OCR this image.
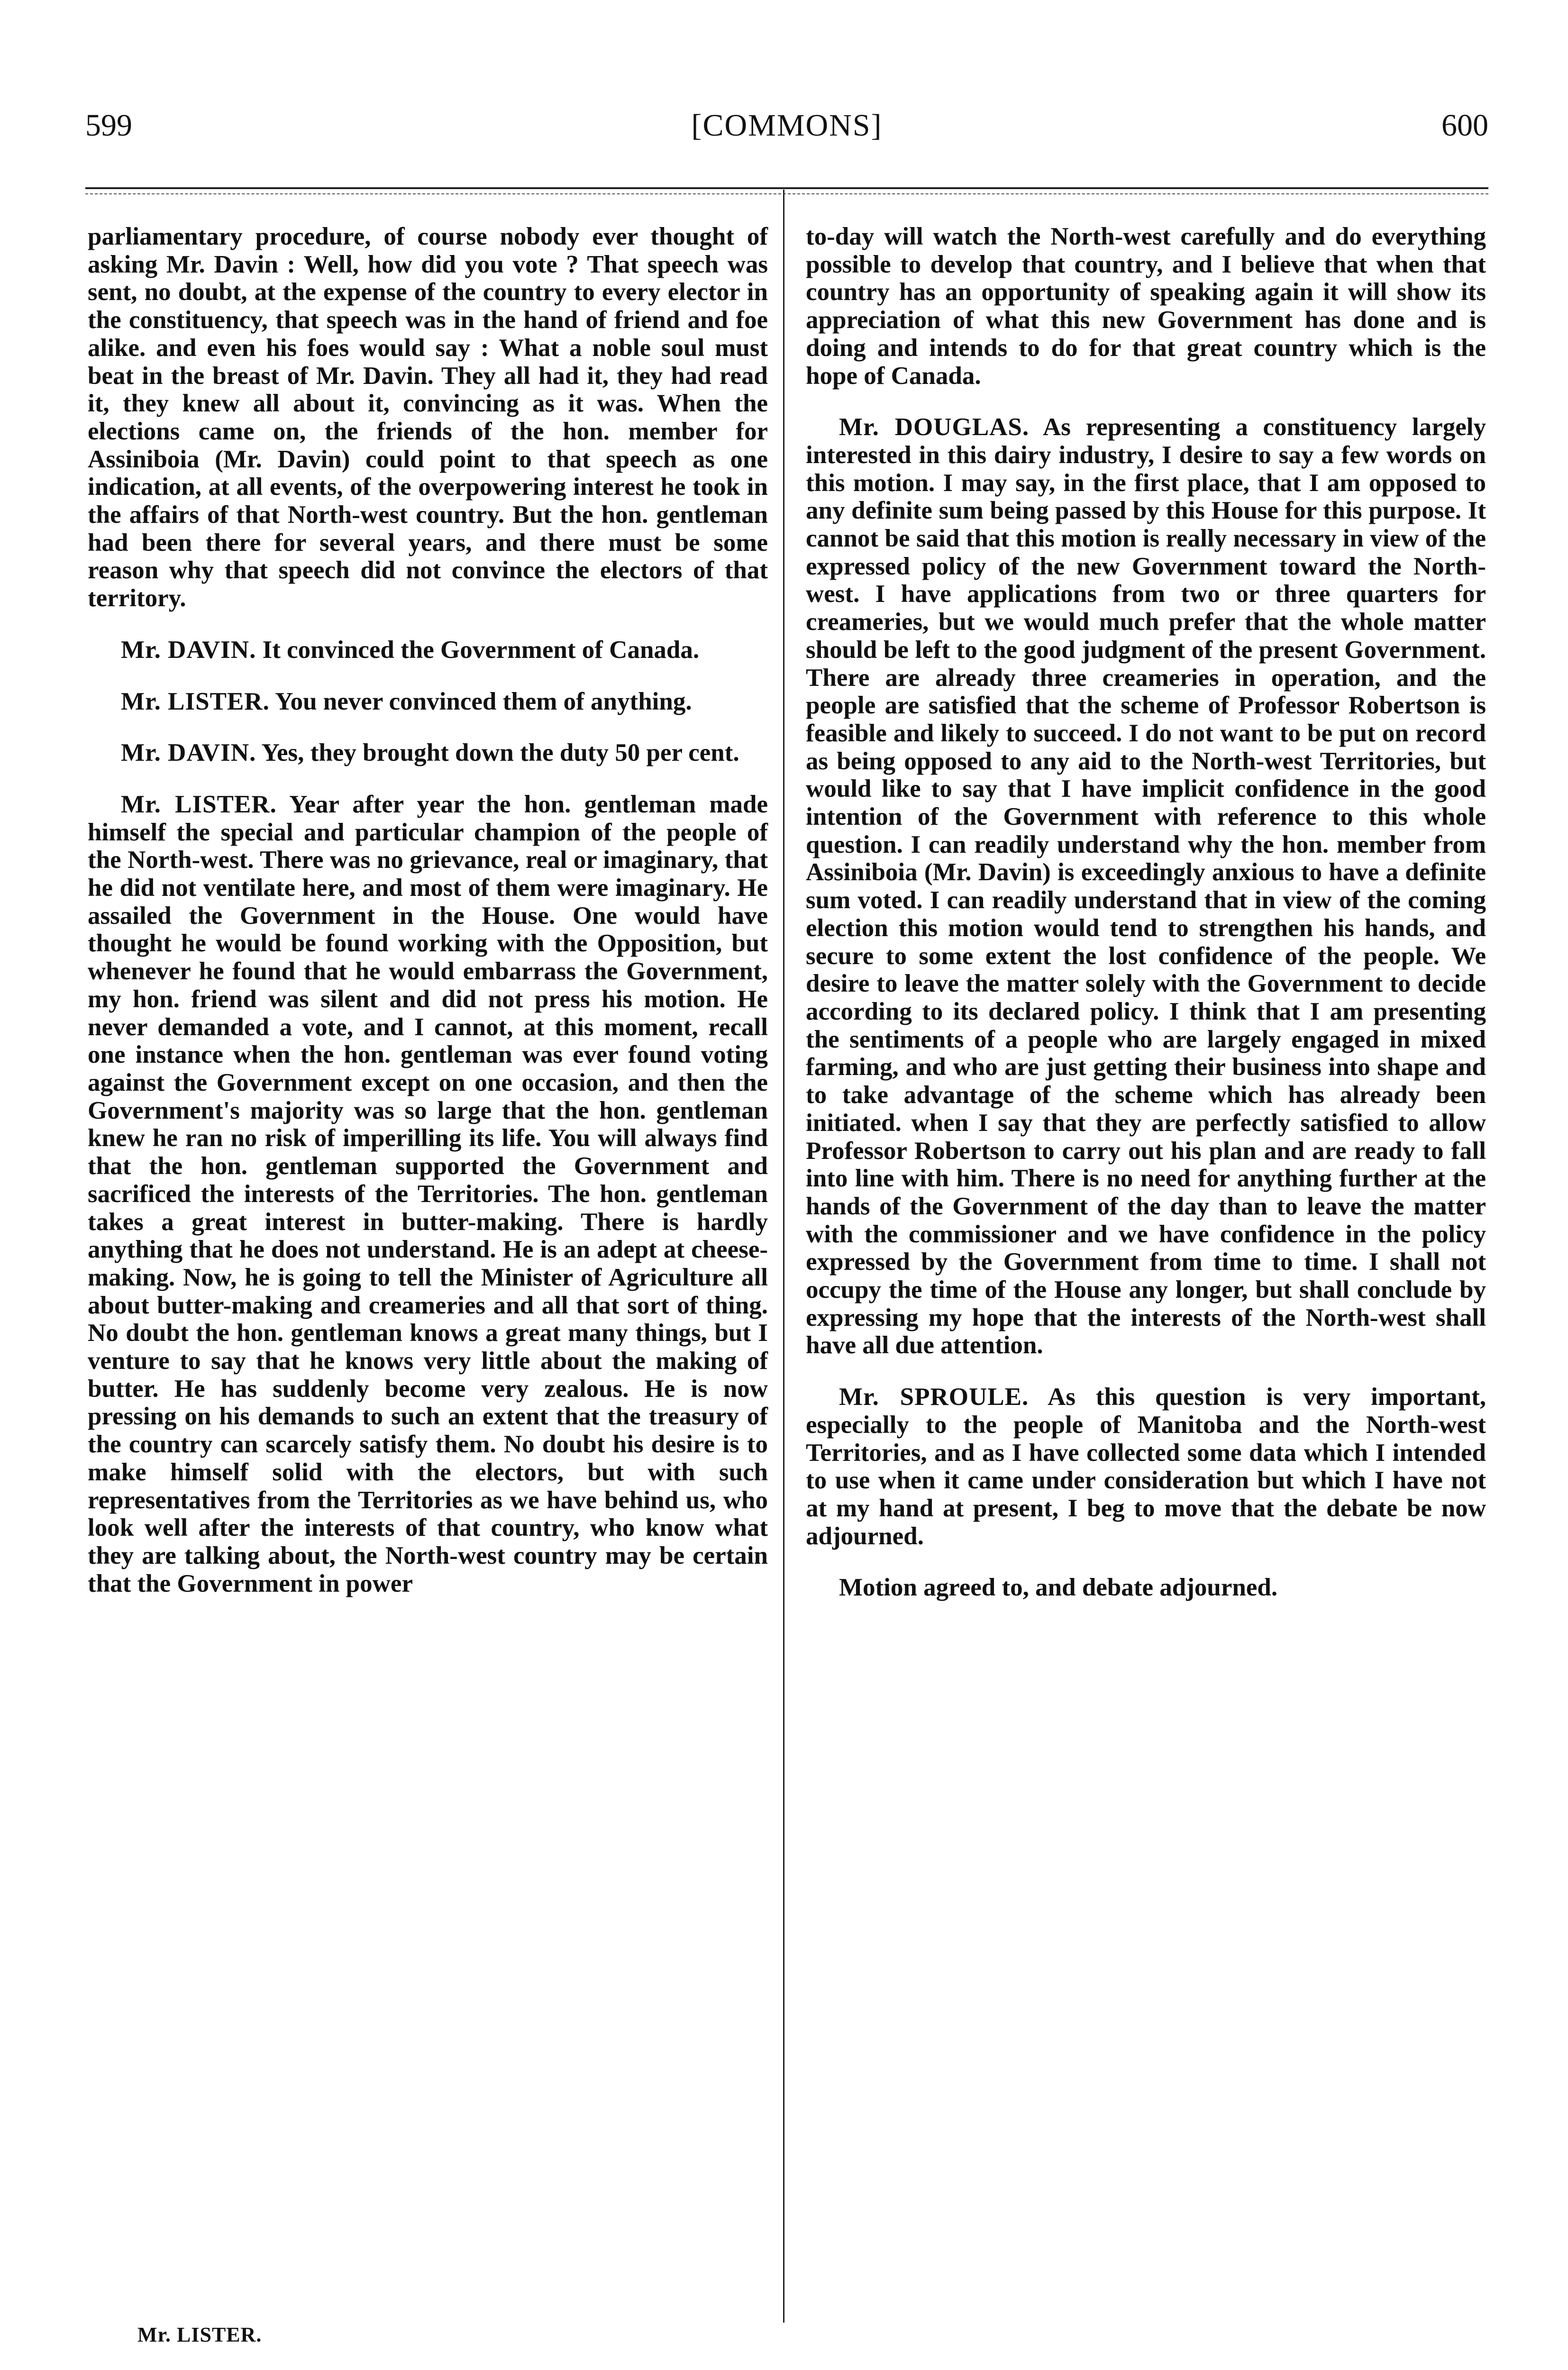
599	[COMMONS]	600

parliamentary procedure, of course nobody ever thought of asking Mr. Davin : Well, how did you vote ? That speech was sent, no doubt, at the expense of the country to every elector in the constituency, that speech was in the hand of friend and foe alike. and even his foes would say : What a noble soul must beat in the breast of Mr. Davin. They all had it, they had read it, they knew all about it, convincing as it was. When the elections came on, the friends of the hon. member for Assiniboia (Mr. Davin) could point to that speech as one indication, at all events, of the overpowering interest he took in the affairs of that North-west country. But the hon. gentleman had been there for several years, and there must be some reason why that speech did not convince the electors of that territory.

Mr. DAVIN. It convinced the Government of Canada.

Mr. LISTER. You never convinced them of anything.

Mr. DAVIN. Yes, they brought down the duty 50 per cent.

Mr. LISTER. Year after year the hon. gentleman made himself the special and particular champion of the people of the North-west. There was no grievance, real or imaginary, that he did not ventilate here, and most of them were imaginary. He assailed the Government in the House. One would have thought he would be found working with the Opposition, but whenever he found that he would embarrass the Government, my hon. friend was silent and did not press his motion. He never demanded a vote, and I cannot, at this moment, recall one instance when the hon. gentleman was ever found voting against the Government except on one occasion, and then the Government's majority was so large that the hon. gentleman knew he ran no risk of imperilling its life. You will always find that the hon. gentleman supported the Government and sacrificed the interests of the Territories. The hon. gentleman takes a great interest in butter-making. There is hardly anything that he does not understand. He is an adept at cheese-making. Now, he is going to tell the Minister of Agriculture all about butter-making and creameries and all that sort of thing. No doubt the hon. gentleman knows a great many things, but I venture to say that he knows very little about the making of butter. He has suddenly become very zealous. He is now pressing on his demands to such an extent that the treasury of the country can scarcely satisfy them. No doubt his desire is to make himself solid with the electors, but with such representatives from the Territories as we have behind us, who look well after the interests of that country, who know what they are talking about, the North-west country may be certain that the Government in power

to-day will watch the North-west carefully and do everything possible to develop that country, and I believe that when that country has an opportunity of speaking again it will show its appreciation of what this new Government has done and is doing and intends to do for that great country which is the hope of Canada.

Mr. DOUGLAS. As representing a constituency largely interested in this dairy industry, I desire to say a few words on this motion. I may say, in the first place, that I am opposed to any definite sum being passed by this House for this purpose. It cannot be said that this motion is really necessary in view of the expressed policy of the new Government toward the North-west. I have applications from two or three quarters for creameries, but we would much prefer that the whole matter should be left to the good judgment of the present Government. There are already three creameries in operation, and the people are satisfied that the scheme of Professor Robertson is feasible and likely to succeed. I do not want to be put on record as being opposed to any aid to the North-west Territories, but would like to say that I have implicit confidence in the good intention of the Government with reference to this whole question. I can readily understand why the hon. member from Assiniboia (Mr. Davin) is exceedingly anxious to have a definite sum voted. I can readily understand that in view of the coming election this motion would tend to strengthen his hands, and secure to some extent the lost confidence of the people. We desire to leave the matter solely with the Government to decide according to its declared policy. I think that I am presenting the sentiments of a people who are largely engaged in mixed farming, and who are just getting their business into shape and to take advantage of the scheme which has already been initiated. when I say that they are perfectly satisfied to allow Professor Robertson to carry out his plan and are ready to fall into line with him. There is no need for anything further at the hands of the Government of the day than to leave the matter with the commissioner and we have confidence in the policy expressed by the Government from time to time. I shall not occupy the time of the House any longer, but shall conclude by expressing my hope that the interests of the North-west shall have all due attention.

Mr. SPROULE. As this question is very important, especially to the people of Manitoba and the North-west Territories, and as I have collected some data which I intended to use when it came under consideration but which I have not at my hand at present, I beg to move that the debate be now adjourned.

Motion agreed to, and debate adjourned.

Mr. LISTER.
